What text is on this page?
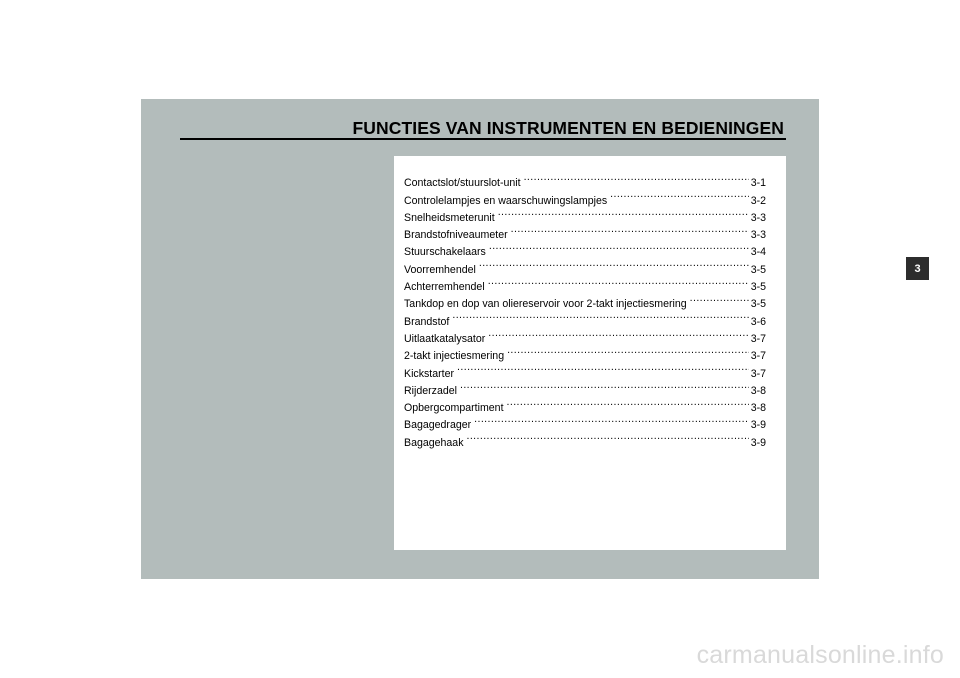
FUNCTIES VAN INSTRUMENTEN EN BEDIENINGEN
Contactslot/stuurslot-unit .....	3-1
Controlelampjes en waarschuwingslampjes .....	3-2
Snelheidsmeterunit .....	3-3
Brandstofniveaumeter .....	3-3
Stuurschakelaars .....	3-4
Voorremhendel .....	3-5
Achterremhendel .....	3-5
Tankdop en dop van oliereservoir voor 2-takt injectiesmering .....	3-5
Brandstof .....	3-6
Uitlaatkatalysator .....	3-7
2-takt injectiesmering .....	3-7
Kickstarter .....	3-7
Rijderzadel .....	3-8
Opbergcompartiment .....	3-8
Bagagedrager .....	3-9
Bagagehaak .....	3-9
3
carmanualsonline.info
